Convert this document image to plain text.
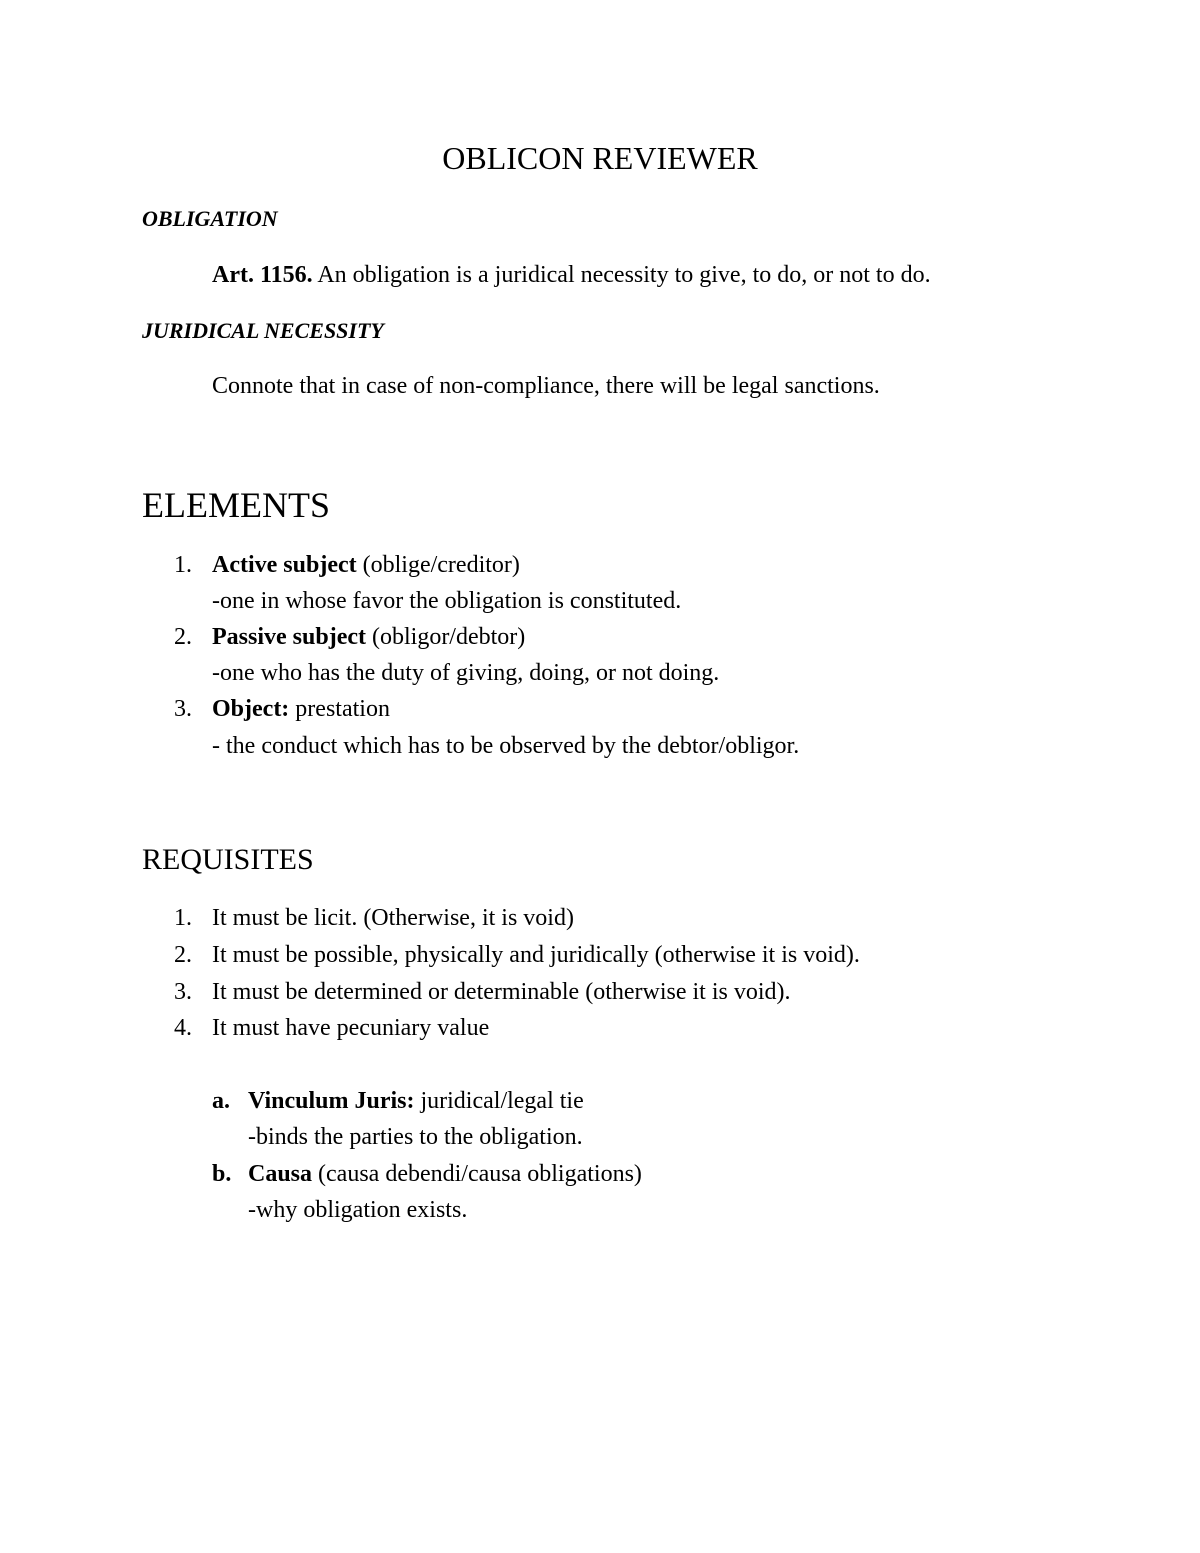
OBLICON REVIEWER
OBLIGATION
Art. 1156. An obligation is a juridical necessity to give, to do, or not to do.
JURIDICAL NECESSITY
Connote that in case of non-compliance, there will be legal sanctions.
ELEMENTS
1. Active subject (oblige/creditor)
-one in whose favor the obligation is constituted.
2. Passive subject (obligor/debtor)
-one who has the duty of giving, doing, or not doing.
3. Object: prestation
- the conduct which has to be observed by the debtor/obligor.
REQUISITES
1. It must be licit. (Otherwise, it is void)
2. It must be possible, physically and juridically (otherwise it is void).
3. It must be determined or determinable (otherwise it is void).
4. It must have pecuniary value
a. Vinculum Juris: juridical/legal tie
-binds the parties to the obligation.
b. Causa (causa debendi/causa obligations)
-why obligation exists.
